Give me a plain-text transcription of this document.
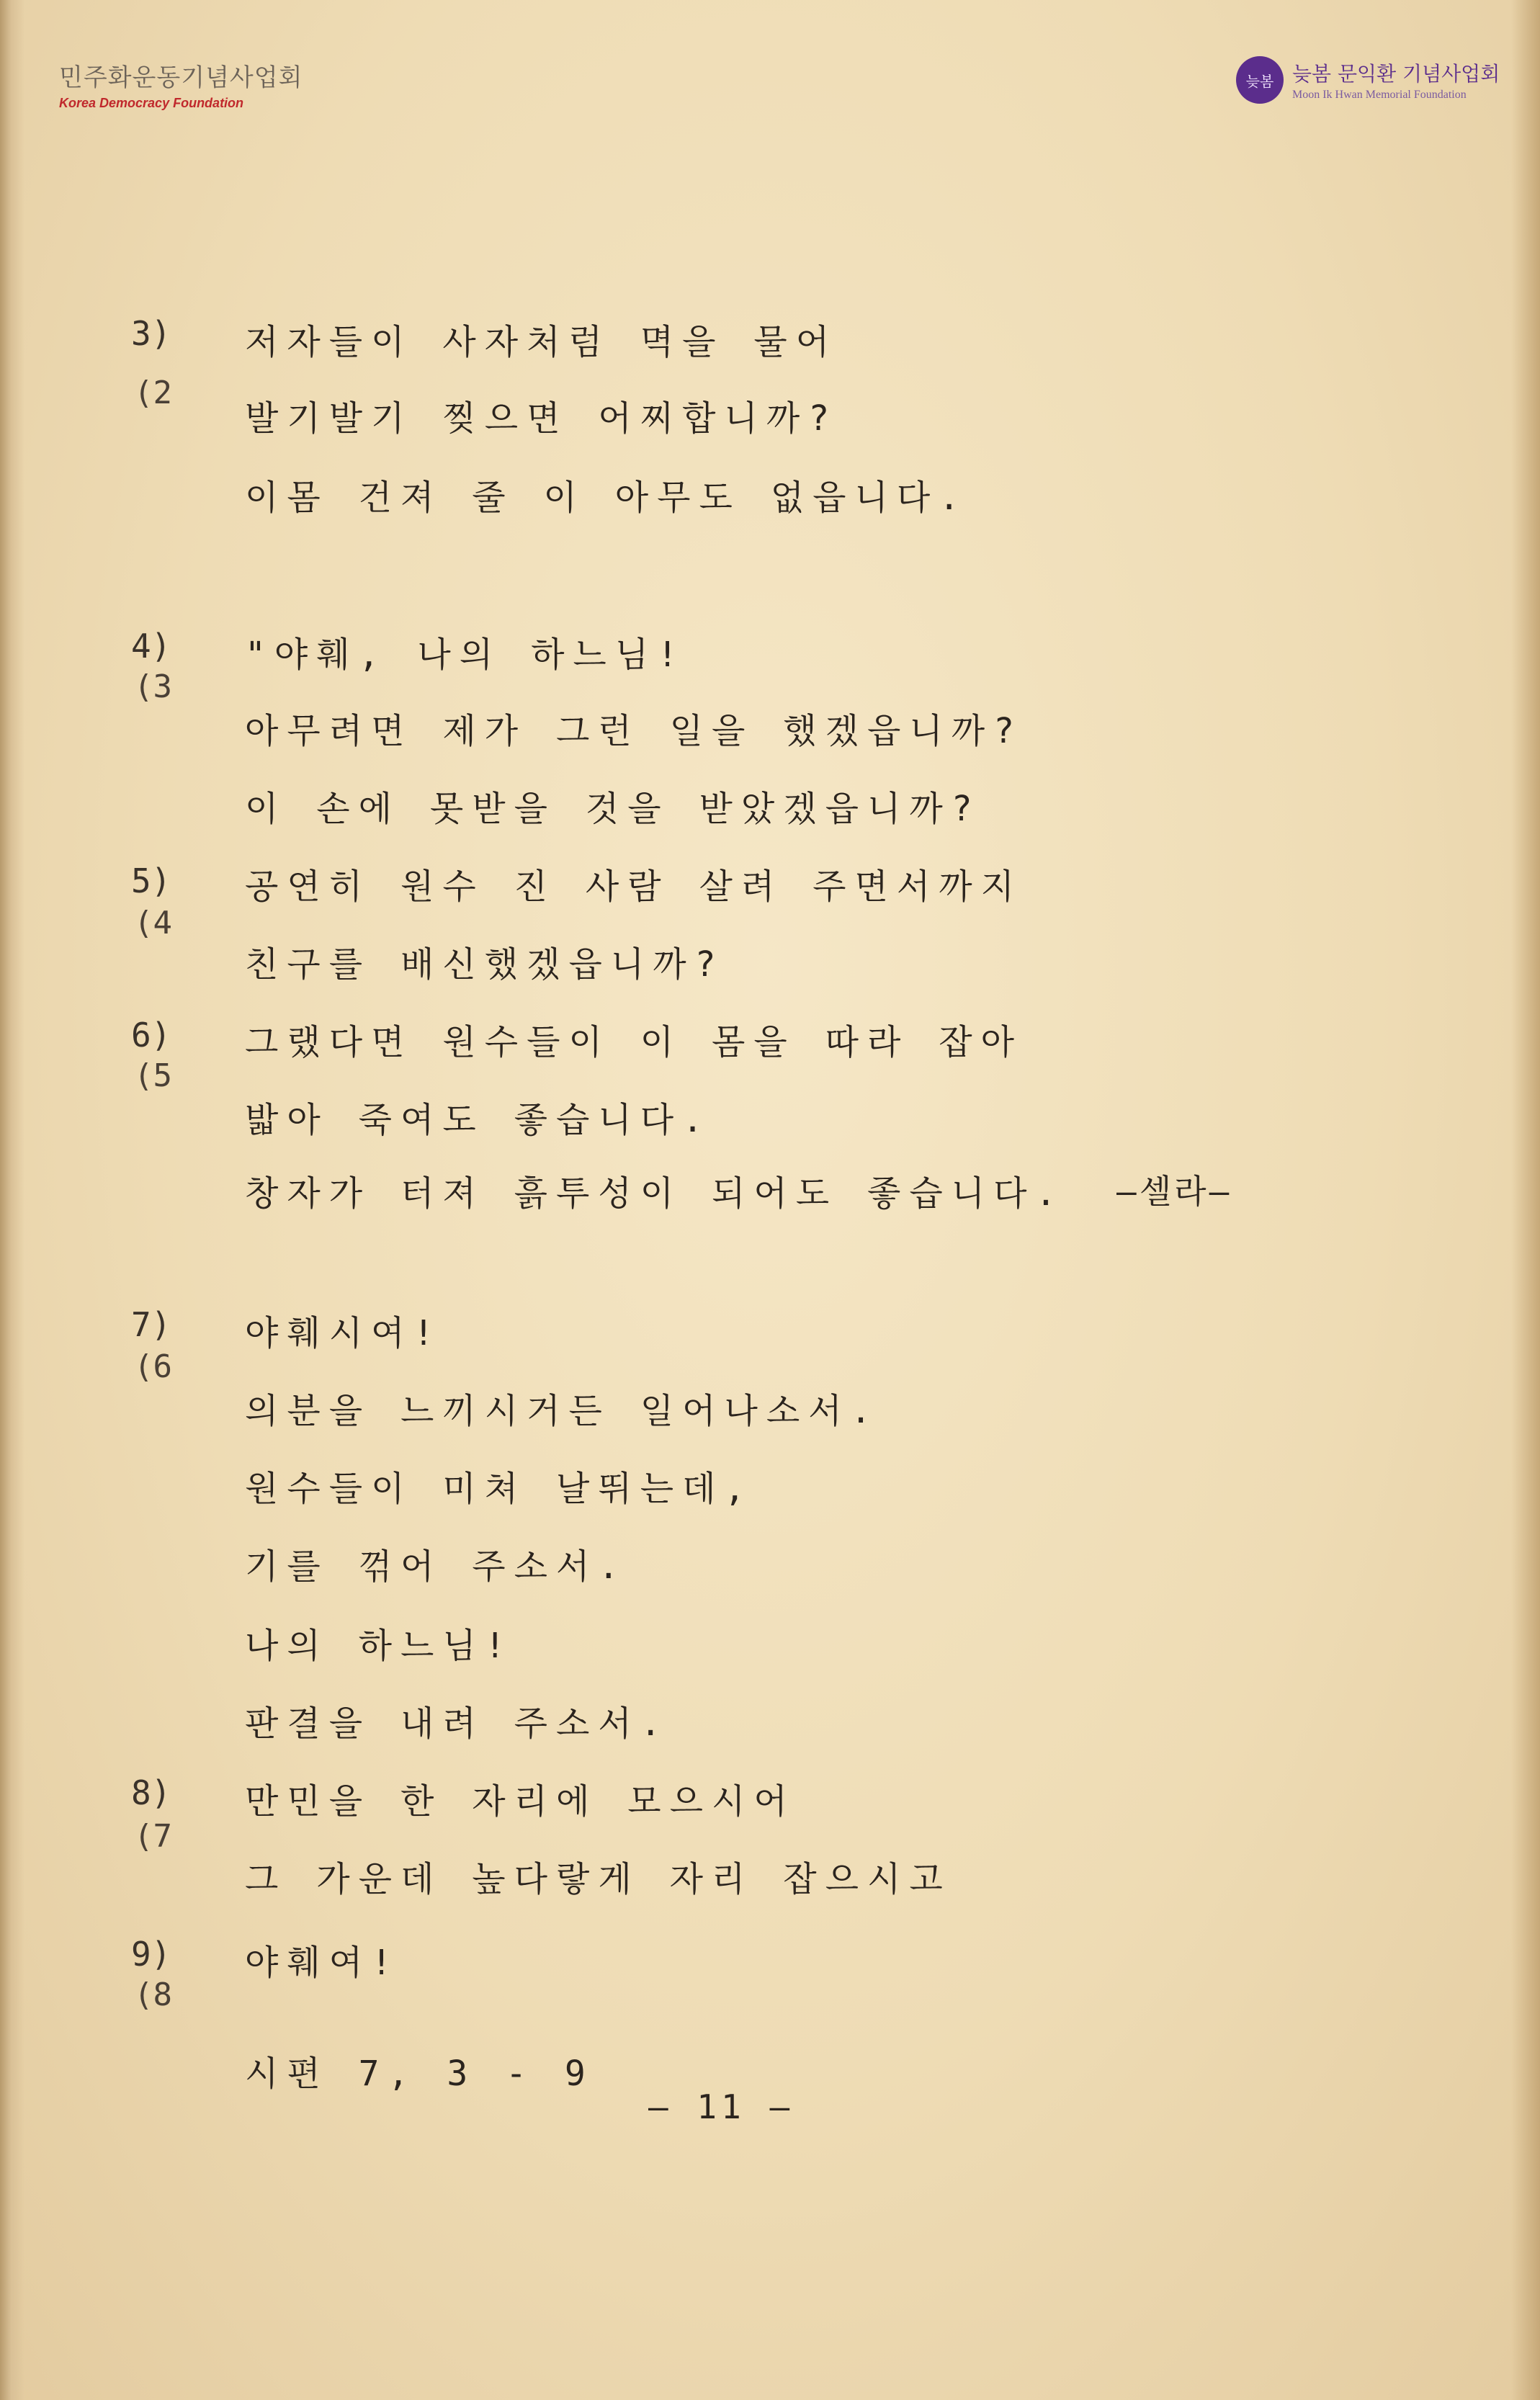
민주화운동기념사업회
Korea Democracy Foundation
늦봄 늦봄 문익환 기념사업회
Moon Ik Hwan Memorial Foundation
3)
(2
4)
(3
5)
(4
6)
(5
7)
(6
8)
(7
9)
(8
저자들이 사자처럼 멱을 물어
발기발기 찢으면 어찌합니까?
이몸 건져 줄 이 아무도 없읍니다.
"야훼, 나의 하느님!
아무려면 제가 그런 일을 했겠읍니까?
이 손에 못받을 것을 받았겠읍니까?
공연히 원수 진 사람 살려 주면서까지
친구를 배신했겠읍니까?
그랬다면 원수들이 이 몸을 따라 잡아
밟아 죽여도 좋습니다.
창자가 터져 흙투성이 되어도 좋습니다. —셀라—
야훼시여!
의분을 느끼시거든 일어나소서.
원수들이 미쳐 날뛰는데,
기를 꺾어 주소서.
나의 하느님!
판결을 내려 주소서.
만민을 한 자리에 모으시어
그 가운데 높다랗게 자리 잡으시고
야훼여!
시편 7, 3 - 9
— 11 —
